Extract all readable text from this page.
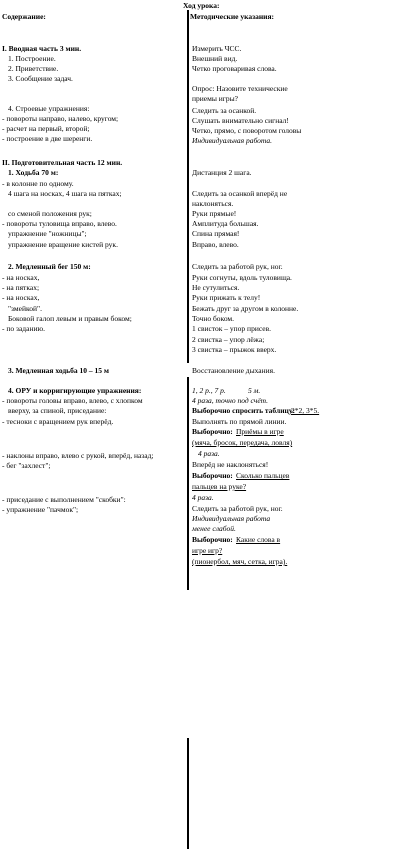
Ход урока:
Содержание:	Методические указания:
I. Вводная часть 3 мин.
1. Построение.
2. Приветствие.
3. Сообщение задач.
4. Строевые упражнения:
- повороты направо, налево, кругом;
- расчет на первый, второй;
- построение в две шеренги.
II. Подготовительная часть 12 мин.
1. Ходьба 70 м:
- в колонне по одному.
4 шага на носках, 4 шага на пятках;
со сменой положения рук;
- повороты туловища вправо, влево.
упражнение "ножницы";
упражнение вращение кистей рук.
2. Медленный бег 150 м:
- на носках,
- на пятках;
- на носках,
"змейкой".
Боковой галоп левым и правым боком;
- по заданию.
3. Медленная ходьба 10 – 15 м
4. ОРУ и корригирующие упражнения:
- повороты головы вправо, влево, с хлопком
вверху, за спиной, приседание:
- тесноки с вращением рук вперёд.
- наклоны вправо, влево с рукой, вперёд, назад;
- бег "захлест";
- приседание с выполнением "скобки":
- упражнение "пачмок";
Измерить ЧСС.
Внешний вид.
Четко проговаривая слова.
Опрос: Назовите технические
приемы игры?
Следить за осанкой.
Слушать внимательно сигнал!
Четко, прямо, с поворотом головы
Индивидуальная работа.
Дистанция 2 шага.
Следить за осанкой вперёд не
наклоняться.
Руки прямые!
Амплитуда большая.
Спина прямая!
Вправо, влево.
Следить за работой рук, ног.
Руки согнуты, вдоль туловища.
Не сутулиться.
Руки прижать к телу!
Бежать друг за другом в колонне.
Точно боком.
1 свисток – упор присев.
2 свистка – упор лёжа;
3 свистка – прыжок вверх.
Восстановление дыхания.
1, 2 р., 7 р.	5 м.
4 раза, точно под счёт.
Выборочно спросить таблицу:
2*2, 3*5.
Выполнять по прямой линии.
Выборочно: Приёмы в игре
(мяча, бросок, передача, ловля)
4 раза.
Вперёд не наклоняться!
Выборочно: Сколько пальцев
пальцев на руке?
4 раза.
Следить за работой рук, ног.
Индивидуальная работа
менее слабой.
Выборочно: Какие слова в
игре игр?
(пионербол, мяч, сетка, игра).
